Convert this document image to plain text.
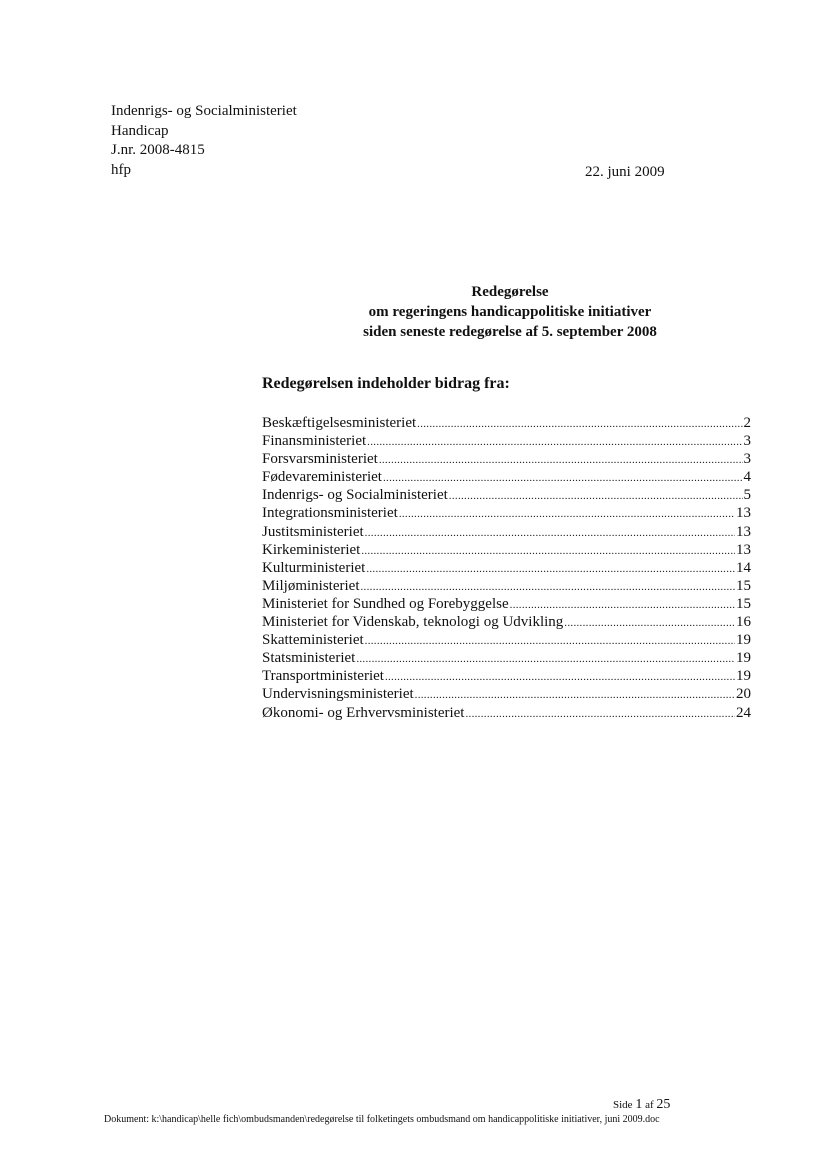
Indenrigs- og Socialministeriet
Handicap
J.nr. 2008-4815
hfp	22. juni 2009
Redegørelse
om regeringens handicappolitiske initiativer
siden seneste redegørelse af 5. september 2008
Redegørelsen indeholder bidrag fra:
Beskæftigelsesministeriet .....	2
Finansministeriet .....	3
Forsvarsministeriet .....	3
Fødevareministeriet .....	4
Indenrigs- og Socialministeriet .....	5
Integrationsministeriet .....	13
Justitsministeriet .....	13
Kirkeministeriet .....	13
Kulturministeriet .....	14
Miljøministeriet .....	15
Ministeriet for Sundhed og Forebyggelse .....	15
Ministeriet for Videnskab, teknologi og Udvikling .....	16
Skatteministeriet .....	19
Statsministeriet .....	19
Transportministeriet .....	19
Undervisningsministeriet .....	20
Økonomi- og Erhvervsministeriet .....	24
Side 1 af 25
Dokument: k:\handicap\helle fich\ombudsmanden\redegørelse til folketingets ombudsmand om handicappolitiske initiativer, juni 2009.doc
